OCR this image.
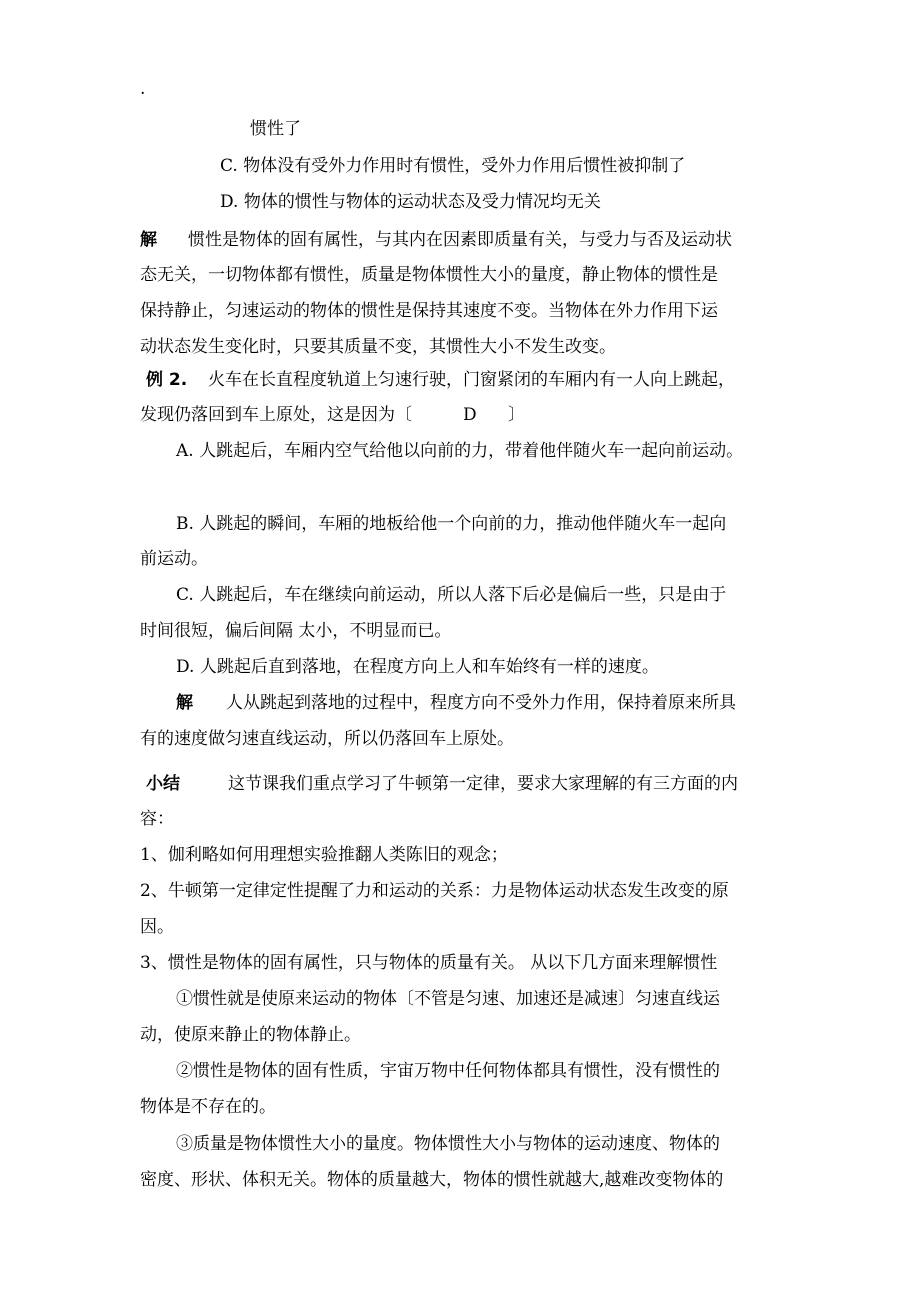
.
惯性了
C. 物体没有受外力作用时有惯性，受外力作用后惯性被抑制了
D. 物体的惯性与物体的运动状态及受力情况均无关
解 惯性是物体的固有属性，与其内在因素即质量有关，与受力与否及运动状
态无关，一切物体都有惯性，质量是物体惯性大小的量度，静止物体的惯性是
保持静止，匀速运动的物体的惯性是保持其速度不变。当物体在外力作用下运
动状态发生变化时，只要其质量不变，其惯性大小不发生改变。
例 2. 火车在长直程度轨道上匀速行驶，门窗紧闭的车厢内有一人向上跳起，
发现仍落回到车上原处，这是因为〔	D 〕
A. 人跳起后，车厢内空气给他以向前的力，带着他伴随火车一起向前运动。
B. 人跳起的瞬间，车厢的地板给他一个向前的力，推动他伴随火车一起向
前运动。
C. 人跳起后，车在继续向前运动，所以人落下后必是偏后一些，只是由于
时间很短，偏后间隔 太小，不明显而已。
D. 人跳起后直到落地，在程度方向上人和车始终有一样的速度。
解 人从跳起到落地的过程中，程度方向不受外力作用，保持着原来所具
有的速度做匀速直线运动，所以仍落回车上原处。
小结	这节课我们重点学习了牛顿第一定律，要求大家理解的有三方面的内
容：
1、伽利略如何用理想实验推翻人类陈旧的观念；
2、牛顿第一定律定性提醒了力和运动的关系：力是物体运动状态发生改变的原
因。
3、惯性是物体的固有属性，只与物体的质量有关。 从以下几方面来理解惯性
①惯性就是使原来运动的物体〔不管是匀速、加速还是减速〕匀速直线运
动，使原来静止的物体静止。
②惯性是物体的固有性质，宇宙万物中任何物体都具有惯性，没有惯性的
物体是不存在的。
③质量是物体惯性大小的量度。物体惯性大小与物体的运动速度、物体的
密度、形状、体积无关。物体的质量越大，物体的惯性就越大,越难改变物体的
